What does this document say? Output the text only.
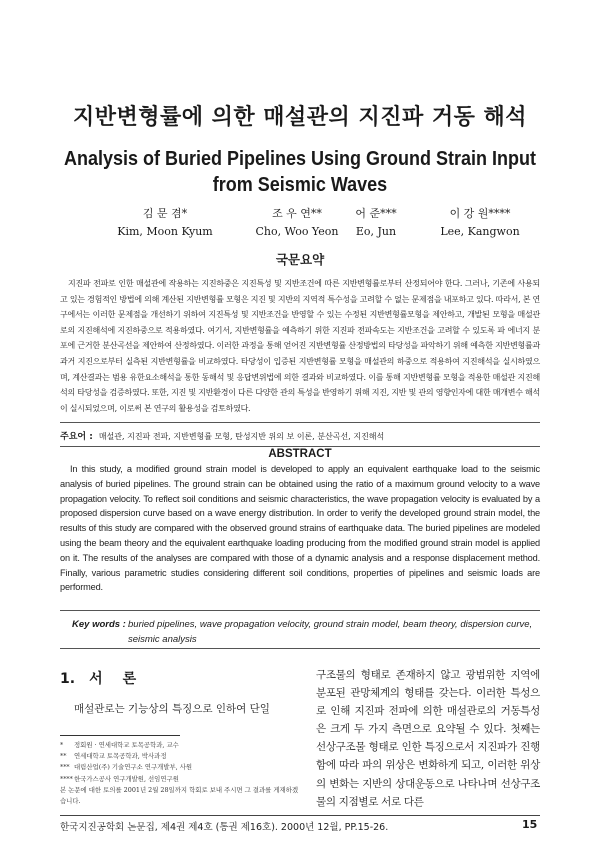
지반변형률에 의한 매설관의 지진파 거동 해석
Analysis of Buried Pipelines Using Ground Strain Input
from Seismic Waves
김 문 겸*
Kim, Moon Kyum
조 우 연**
Cho, Woo Yeon
어 준***
Eo, Jun
이 강 원****
Lee, Kangwon
국문요약
지진파 전파로 인한 매설관에 작용하는 지진하중은 지진특성 및 지반조건에 따른 지반변형률로부터 산정되어야 한다. 그러나, 기존에 사용되고 있는 경험적인 방법에 의해 계산된 지반변형률 모형은 지진 및 지반의 지역적 특수성을 고려할 수 없는 문제점을 내포하고 있다. 따라서, 본 연구에서는 이러한 문제점을 개선하기 위하여 지진특성 및 지반조건을 반영할 수 있는 수정된 지반변형률모형을 제안하고, 개발된 모형을 매설관로의 지진해석에 지진하중으로 적용하였다. 여기서, 지반변형률을 예측하기 위한 지진파 전파속도는 지반조건을 고려할 수 있도록 파 에너지 분포에 근거한 분산곡선을 제안하여 산정하였다. 이러한 과정을 통해 얻어진 지반변형률 산정방법의 타당성을 파악하기 위해 예측한 지반변형률과 과거 지진으로부터 실측된 지반변형률을 비교하였다. 타당성이 입증된 지반변형률 모형을 매설관의 하중으로 적용하여 지진해석을 실시하였으며, 계산결과는 범용 유한요소해석을 통한 동해석 및 응답변위법에 의한 결과와 비교하였다. 이를 통해 지반변형률 모형을 적용한 매설관 지진해석의 타당성을 검증하였다. 또한, 지진 및 지반환경이 다른 다양한 관의 특성을 반영하기 위해 지진, 지반 및 관의 영향인자에 대한 매개변수 해석이 실시되었으며, 이로써 본 연구의 활용성을 검토하였다.
주요어 : 매설관, 지진파 전파, 지반변형률 모형, 탄성지반 위의 보 이론, 분산곡선, 지진해석
ABSTRACT
In this study, a modified ground strain model is developed to apply an equivalent earthquake load to the seismic analysis of buried pipelines. The ground strain can be obtained using the ratio of a maximum ground velocity to a wave propagation velocity. To reflect soil conditions and seismic characteristics, the wave propagation velocity is evaluated by a proposed dispersion curve based on a wave energy distribution. In order to verify the developed ground strain model, the results of this study are compared with the observed ground strains of earthquake data. The buried pipelines are modeled using the beam theory and the equivalent earthquake loading producing from the modified ground strain model is applied on it. The results of the analyses are compared with those of a dynamic analysis and a response displacement method. Finally, various parametric studies considering different soil conditions, properties of pipelines and seismic loads are performed.
Key words : buried pipelines, wave propagation velocity, ground strain model, beam theory, dispersion curve, seismic analysis
1. 서 론
매설관로는 기능상의 특징으로 인하여 단일
* 정회원 · 연세대학교 토목공학과, 교수
** 연세대학교 토목공학과, 박사과정
*** 대림산업(주) 기술연구소 연구개발부, 사원
**** 한국가스공사 연구개발원, 선임연구원
본 논문에 대한 토의를 2001년 2월 28일까지 학회로 보내 주시면 그 결과를 게재하겠습니다.
구조물의 형태로 존재하지 않고 광범위한 지역에 분포된 관망체계의 형태를 갖는다. 이러한 특성으로 인해 지진파 전파에 의한 매설관로의 거동특성은 크게 두 가지 측면으로 요약될 수 있다. 첫째는 선상구조물 형태로 인한 특징으로서 지진파가 진행함에 따라 파의 위상은 변화하게 되고, 이러한 위상의 변화는 지반의 상대운동으로 나타나며 선상구조물의 지점별로 서로 다른
한국지진공학회 논문집, 제4권 제4호 (통권 제16호). 2000년 12월, PP.15-26.	15
